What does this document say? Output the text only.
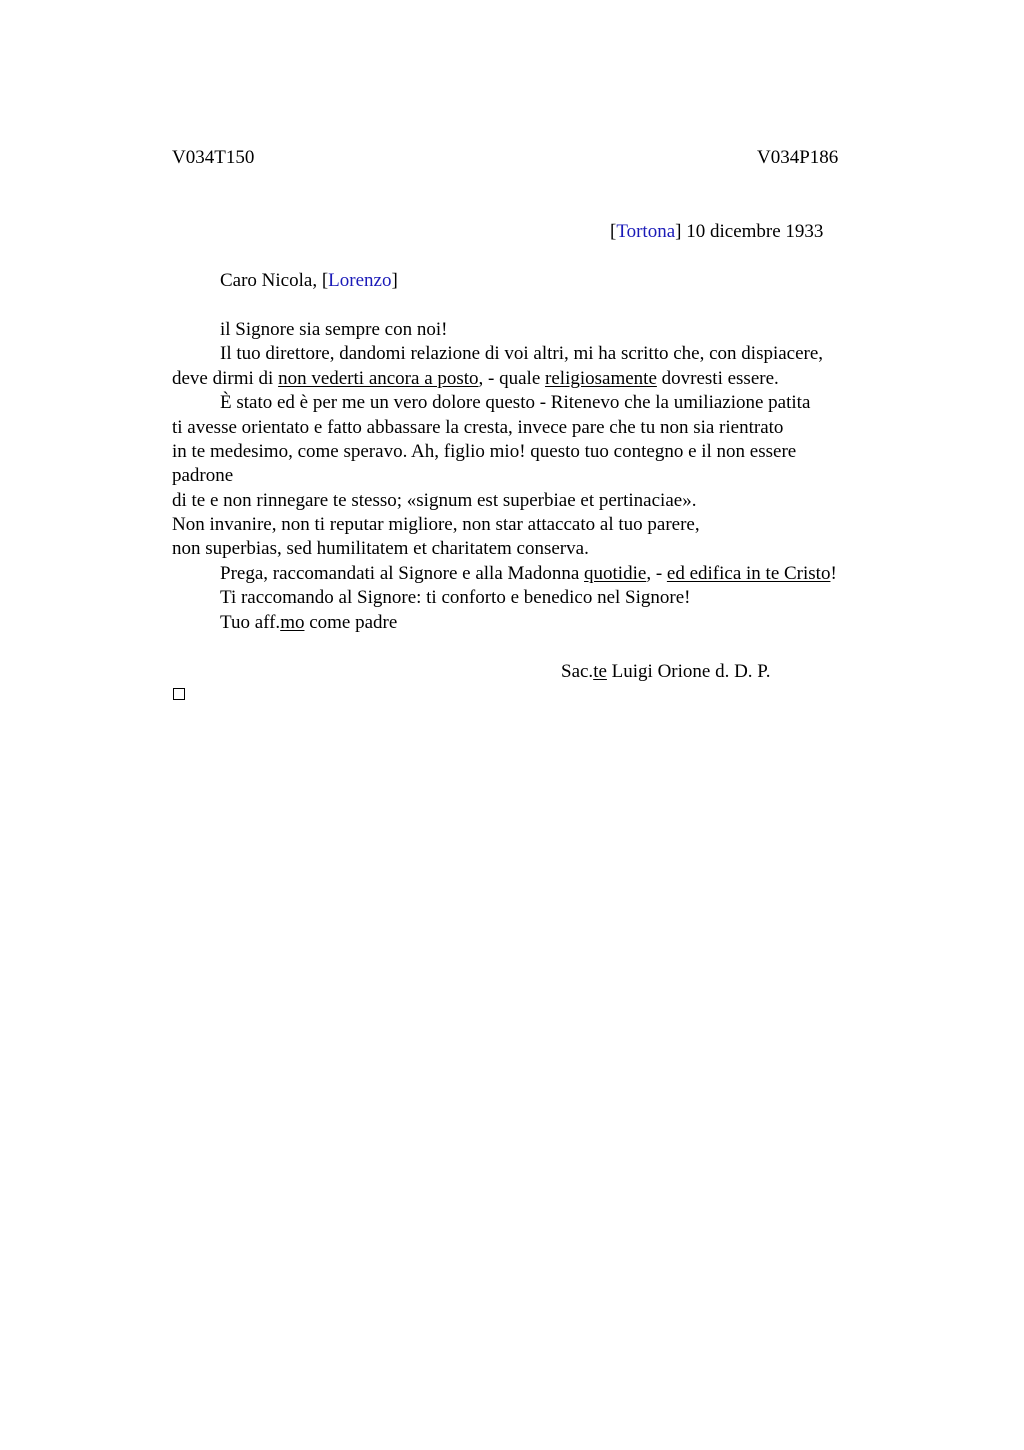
V034T150	V034P186
[Tortona] 10 dicembre 1933
Caro Nicola, [Lorenzo]
il Signore sia sempre con noi!
Il tuo direttore, dandomi relazione di voi altri, mi ha scritto che, con dispiacere,
deve dirmi di non vederti ancora a posto, - quale religiosamente dovresti essere.
È stato ed è per me un vero dolore questo - Ritenevo che la umiliazione patita
ti avesse orientato e fatto abbassare la cresta, invece pare che tu non sia rientrato
in te medesimo, come speravo. Ah, figlio mio! questo tuo contegno e il non essere
padrone
di te e non rinnegare te stesso; «signum est superbiae et pertinaciae».
Non invanire, non ti reputar migliore, non star attaccato al tuo parere,
non superbias, sed humilitatem et charitatem conserva.
Prega, raccomandati al Signore e alla Madonna quotidie, - ed edifica in te Cristo!
Ti raccomando al Signore: ti conforto e benedico nel Signore!
Tuo aff.mo come padre
Sac.te Luigi Orione d. D. P.
